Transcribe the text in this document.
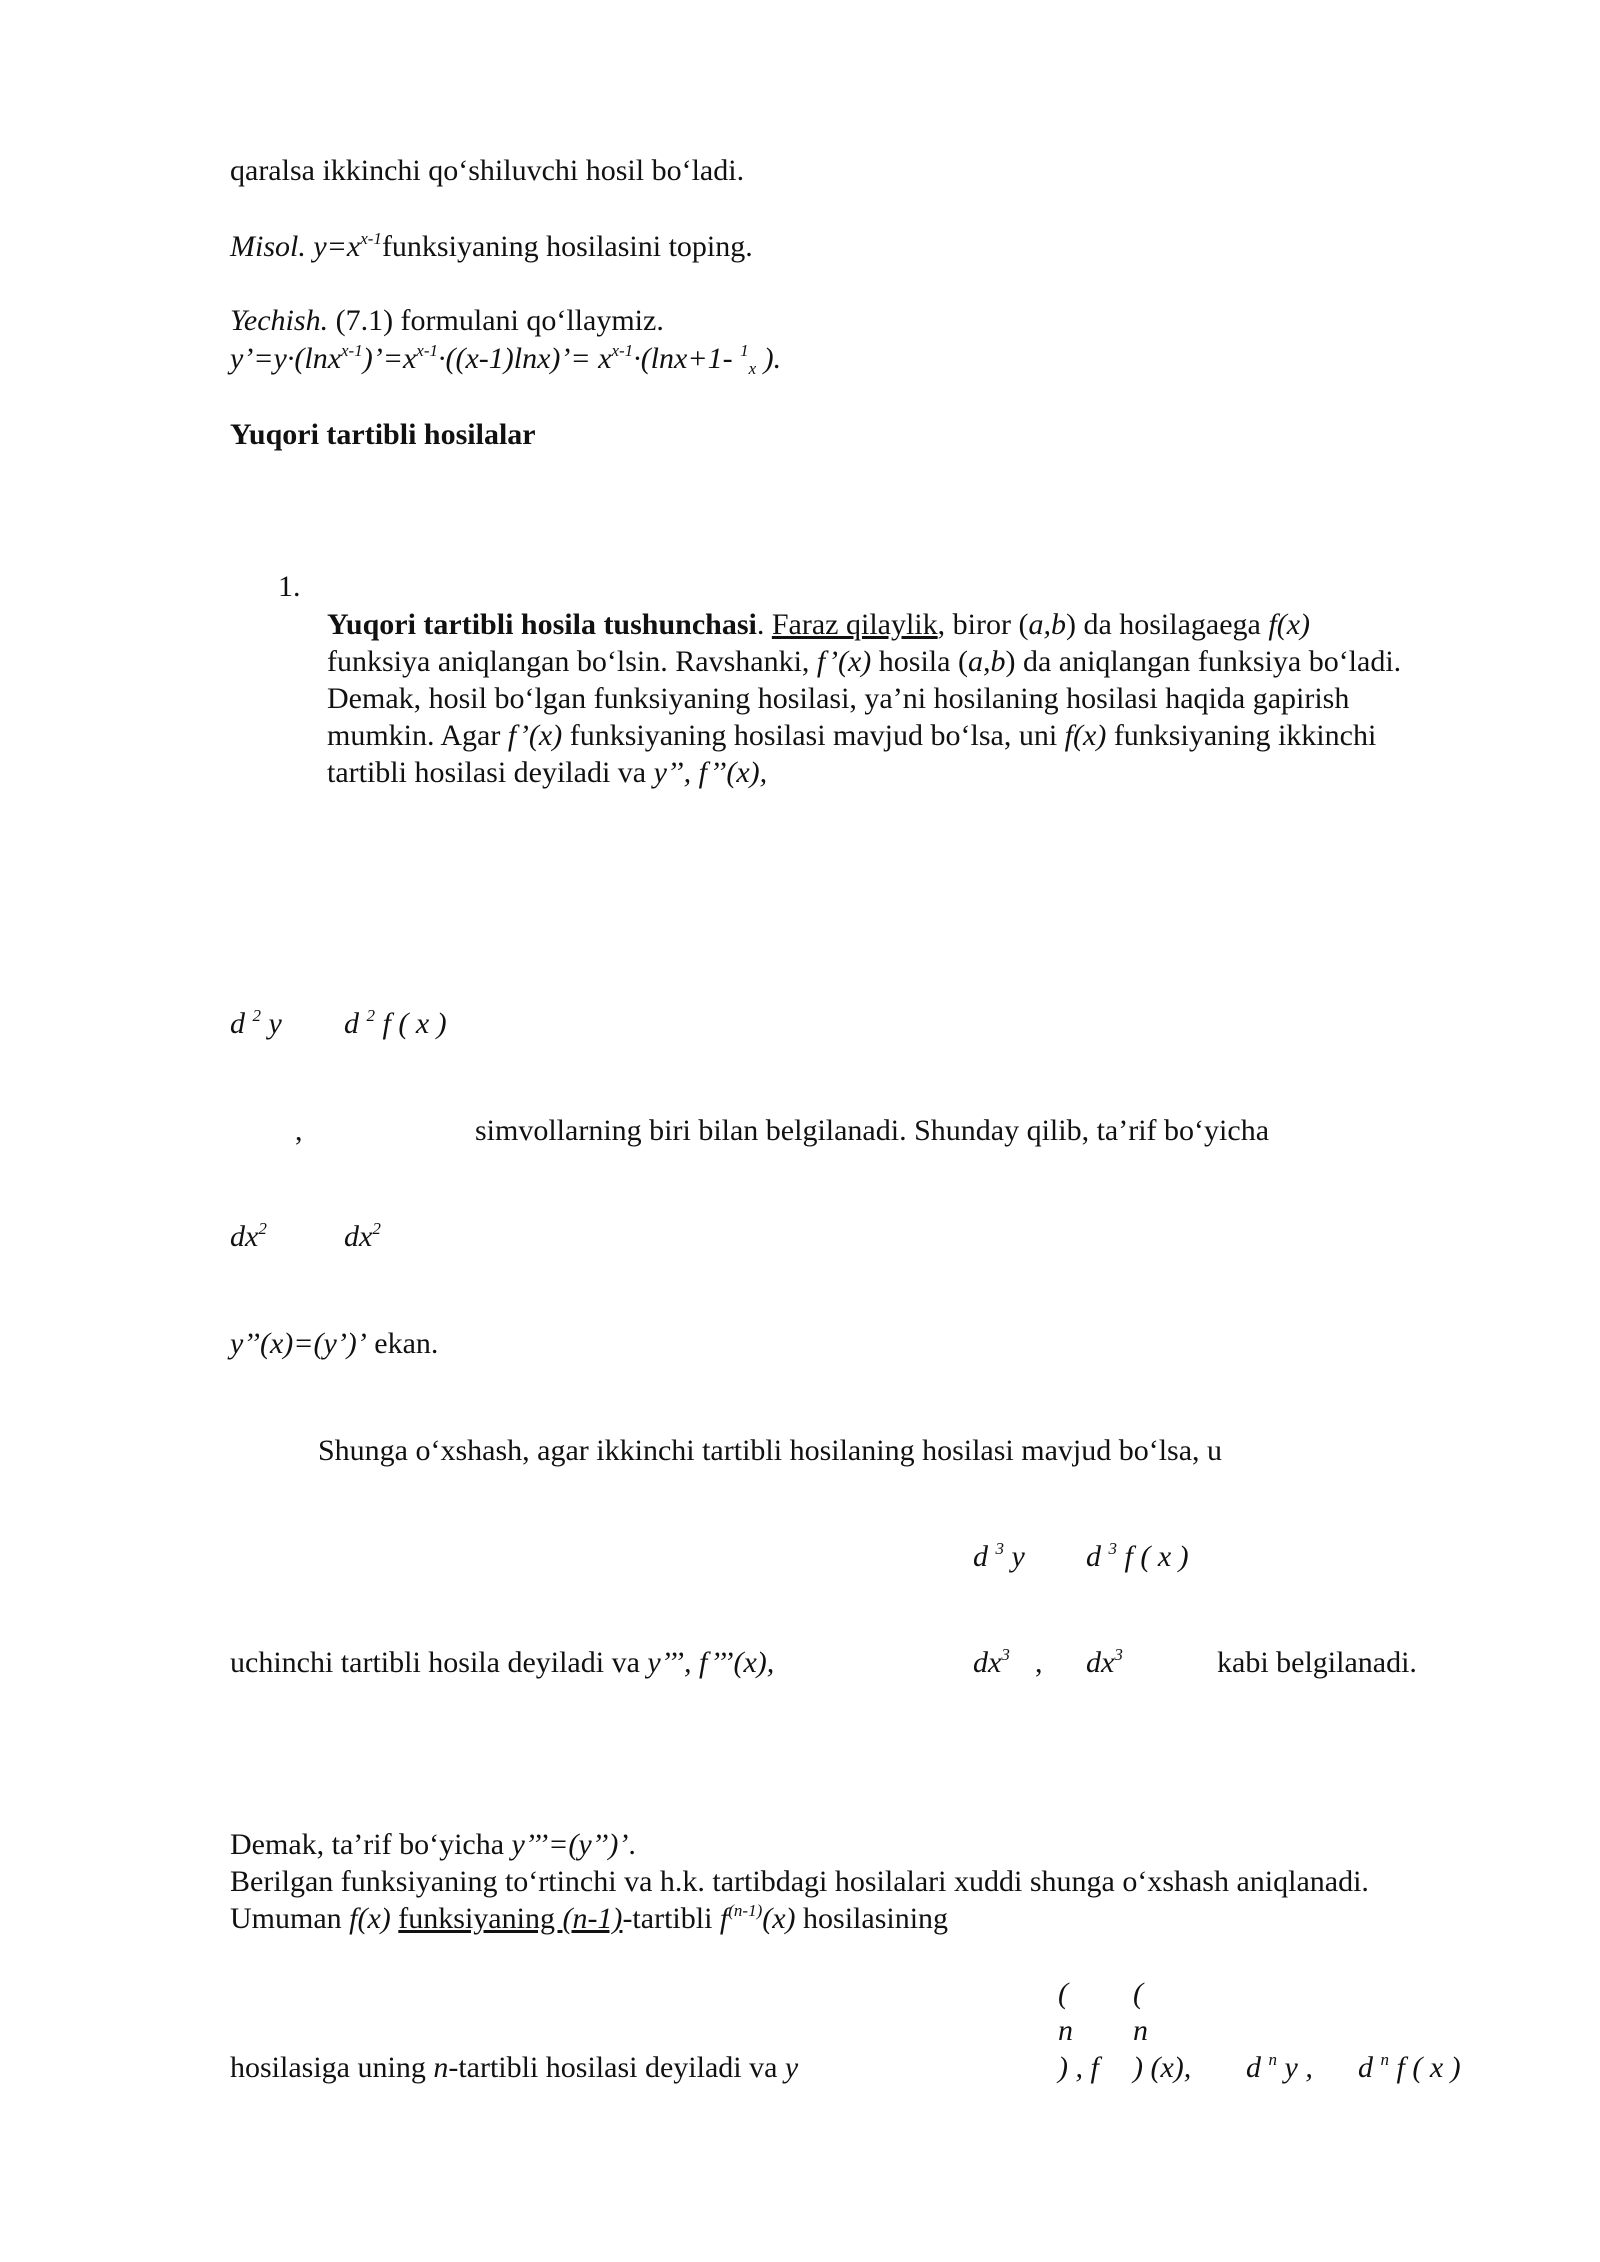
qaralsa ikkinchi qo‘shiluvchi hosil bo‘ladi.
Misol. $y=x^{x-1}funksiyaning$ hosilasini toping.
Yechish. (7.1) formulani qo‘llaymiz.
$y’=y\cdot(\ln x^{x-1})’=x^{x-1}\cdot((x-1)\ln x)’= x^{x-1}\cdot(\ln x+1-$ $^1_x$ ).
Yuqori tartibli hosilalar
1.
Yuqori tartibli hosila tushunchasi. Faraz qilaylik, biror (a,b) da hosilagaega f(x)
funksiya aniqlangan bo‘lsin. Ravshanki, f’(x) hosila (a,b) da aniqlangan funksiya bo‘ladi.
Demak, hosil bo‘lgan funksiyaning hosilasi, ya’ni hosilaning hosilasi haqida gapirish
mumkin. Agar f’(x) funksiyaning hosilasi mavjud bo‘lsa, uni f(x) funksiyaning ikkinchi
tartibli hosilasi deyiladi va y’’, f’’(x),
d $^2$ y d $^2$ f ( x )
,	simvollarning biri bilan belgilanadi. Shunday qilib, ta’rif bo‘yicha
$dx^2$	$dx^2$
y’’(x)=(y’)’ ekan.
Shunga o‘xshash, agar ikkinchi tartibli hosilaning hosilasi mavjud bo‘lsa, u
d $^3$ y d $^3$ f ( x )
uchinchi tartibli hosila deyiladi va y’’’, f’’’(x),	$dx^3$ , $dx^3$	kabi belgilanadi.
Demak, ta’rif bo‘yicha y’’’=(y’’)’.
Berilgan funksiyaning to‘rtinchi va h.k. tartibdagi hosilalari xuddi shunga o‘xshash aniqlanadi.
Umuman f(x) funksiyaning (n-1)-tartibli $f^{(n-1)}(x)$ hosilasining
( (
n n
hosilasiga uning n-tartibli hosilasi deyiladi va y	) , f ) (x), d $^n$ y , d $^n$ f ( x )
